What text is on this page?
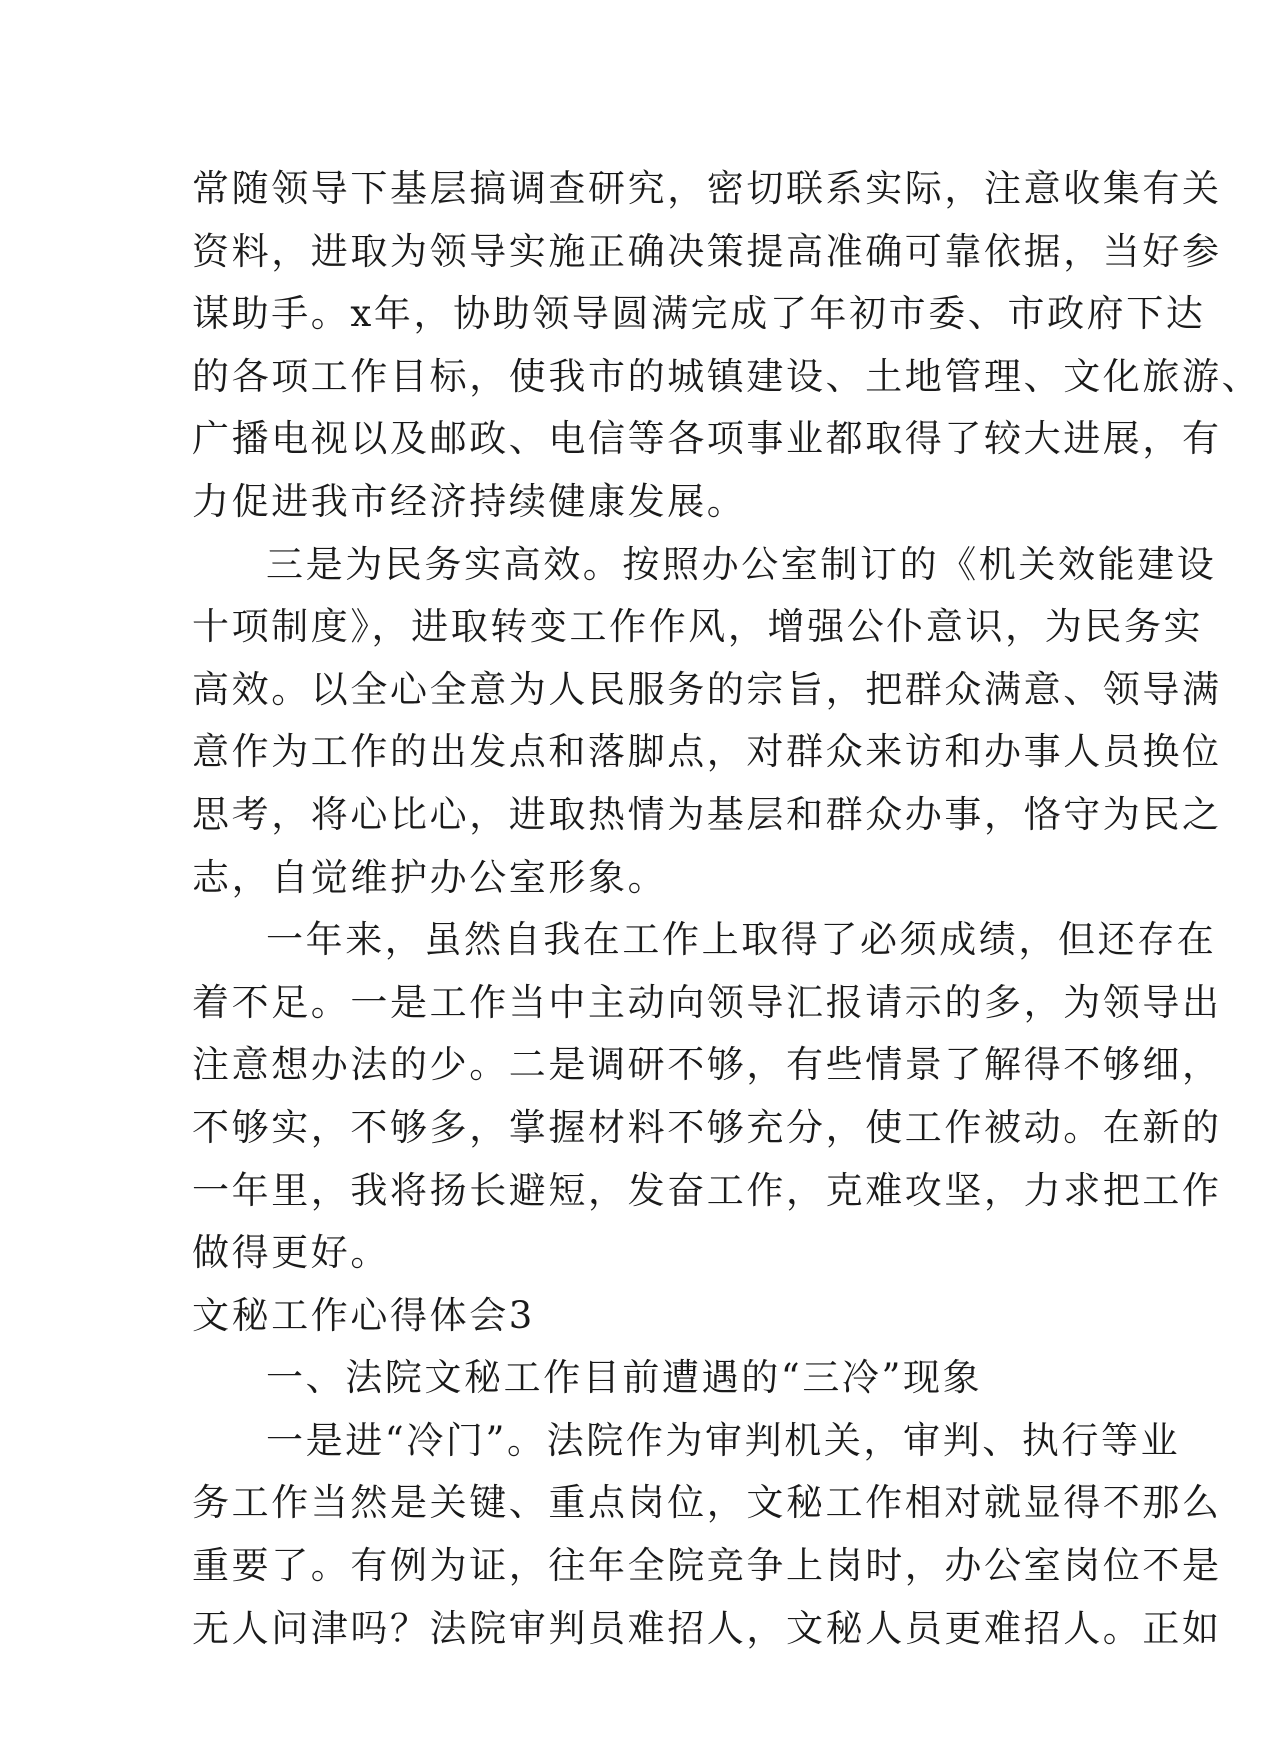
常随领导下基层搞调查研究，密切联系实际，注意收集有关
资料，进取为领导实施正确决策提高准确可靠依据，当好参
谋助手。x年，协助领导圆满完成了年初市委、市政府下达
的各项工作目标，使我市的城镇建设、土地管理、文化旅游、
广播电视以及邮政、电信等各项事业都取得了较大进展，有
力促进我市经济持续健康发展。
三是为民务实高效。按照办公室制订的《机关效能建设
十项制度》，进取转变工作作风，增强公仆意识，为民务实
高效。以全心全意为人民服务的宗旨，把群众满意、领导满
意作为工作的出发点和落脚点，对群众来访和办事人员换位
思考，将心比心，进取热情为基层和群众办事，恪守为民之
志，自觉维护办公室形象。
一年来，虽然自我在工作上取得了必须成绩，但还存在
着不足。一是工作当中主动向领导汇报请示的多，为领导出
注意想办法的少。二是调研不够，有些情景了解得不够细，
不够实，不够多，掌握材料不够充分，使工作被动。在新的
一年里，我将扬长避短，发奋工作，克难攻坚，力求把工作
做得更好。
文秘工作心得体会3
一、法院文秘工作目前遭遇的“三冷”现象
一是进“冷门”。法院作为审判机关，审判、执行等业
务工作当然是关键、重点岗位，文秘工作相对就显得不那么
重要了。有例为证，往年全院竞争上岗时，办公室岗位不是
无人问津吗？法院审判员难招人，文秘人员更难招人。正如
